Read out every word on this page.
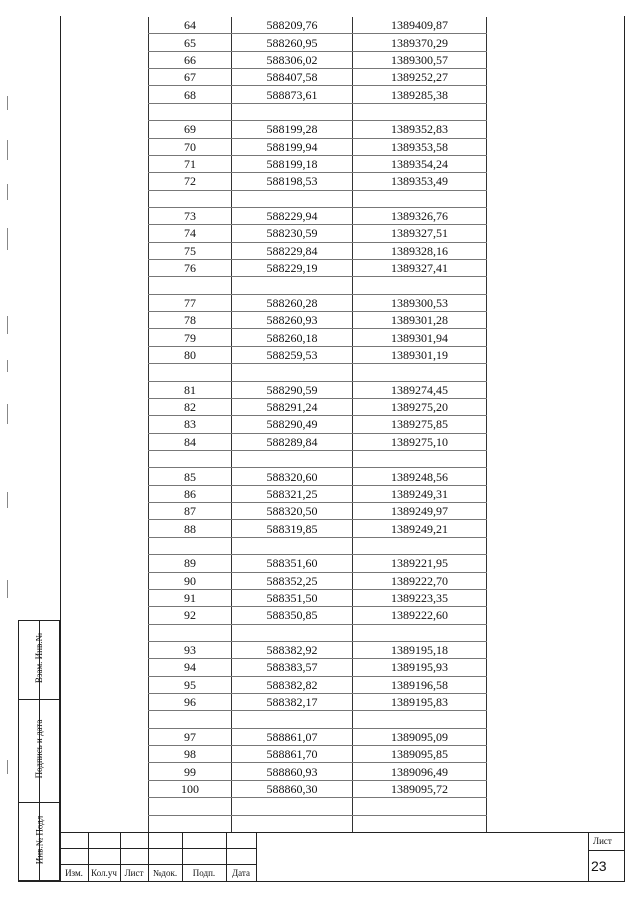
64	588209,76	1389409,87
65	588260,95	1389370,29
66	588306,02	1389300,57
67	588407,58	1389252,27
68	588873,61	1389285,38

69	588199,28	1389352,83
70	588199,94	1389353,58
71	588199,18	1389354,24
72	588198,53	1389353,49

73	588229,94	1389326,76
74	588230,59	1389327,51
75	588229,84	1389328,16
76	588229,19	1389327,41

77	588260,28	1389300,53
78	588260,93	1389301,28
79	588260,18	1389301,94
80	588259,53	1389301,19

81	588290,59	1389274,45
82	588291,24	1389275,20
83	588290,49	1389275,85
84	588289,84	1389275,10

85	588320,60	1389248,56
86	588321,25	1389249,31
87	588320,50	1389249,97
88	588319,85	1389249,21

89	588351,60	1389221,95
90	588352,25	1389222,70
91	588351,50	1389223,35
92	588350,85	1389222,60

93	588382,92	1389195,18
94	588383,57	1389195,93
95	588382,82	1389196,58
96	588382,17	1389195,83

97	588861,07	1389095,09
98	588861,70	1389095,85
99	588860,93	1389096,49
100	588860,30	1389095,72

Взам. Инв.№
Подпись и дата
Инв.№ Подл
Изм. Кол.уч Лист	№док.	Подп.	Дата
Лист
23
